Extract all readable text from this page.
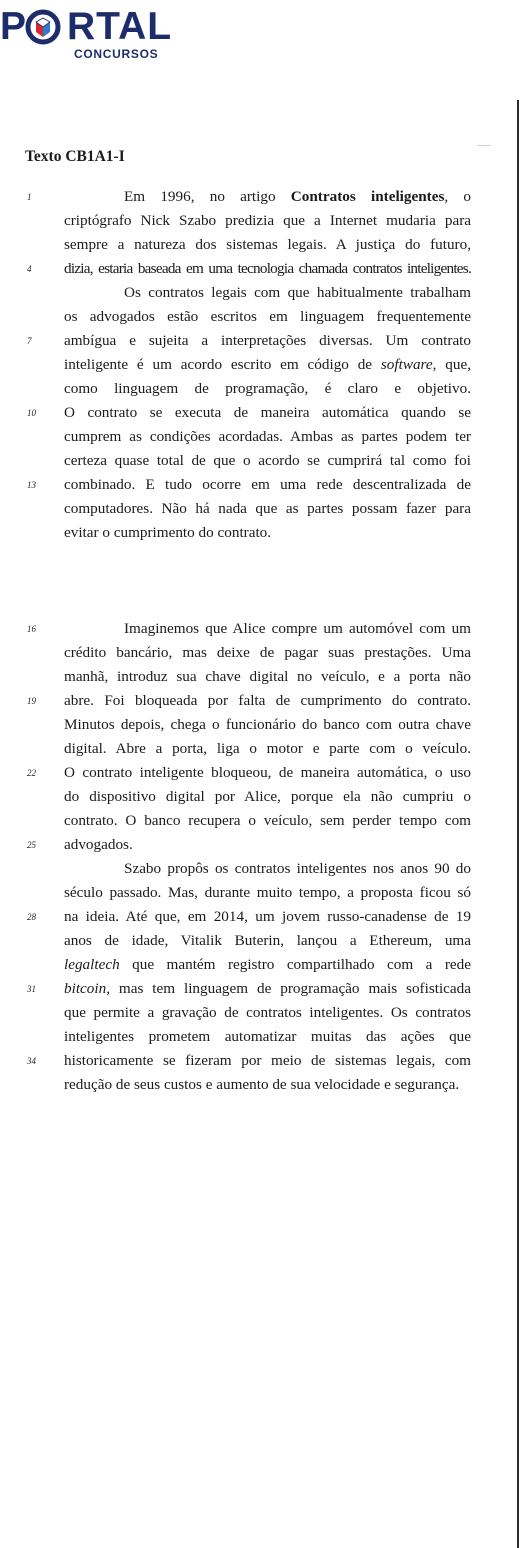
P RTAL
CONCURSOS
Texto CB1A1-I
Em 1996, no artigo Contratos inteligentes, o
criptógrafo Nick Szabo predizia que a Internet mudaria para
sempre a natureza dos sistemas legais. A justiça do futuro,
dizia, estaria baseada em uma tecnologia chamada contratos inteligentes.
Os contratos legais com que habitualmente trabalham
os advogados estão escritos em linguagem frequentemente
ambígua e sujeita a interpretações diversas. Um contrato
inteligente é um acordo escrito em código de software, que,
como linguagem de programação, é claro e objetivo.
O contrato se executa de maneira automática quando se
cumprem as condições acordadas. Ambas as partes podem ter
certeza quase total de que o acordo se cumprirá tal como foi
combinado. E tudo ocorre em uma rede descentralizada de
computadores. Não há nada que as partes possam fazer para
evitar o cumprimento do contrato.
Imaginemos que Alice compre um automóvel com um
crédito bancário, mas deixe de pagar suas prestações. Uma
manhã, introduz sua chave digital no veículo, e a porta não
abre. Foi bloqueada por falta de cumprimento do contrato.
Minutos depois, chega o funcionário do banco com outra chave
digital. Abre a porta, liga o motor e parte com o veículo.
O contrato inteligente bloqueou, de maneira automática, o uso
do dispositivo digital por Alice, porque ela não cumpriu o
contrato. O banco recupera o veículo, sem perder tempo com
advogados.
Szabo propôs os contratos inteligentes nos anos 90 do
século passado. Mas, durante muito tempo, a proposta ficou só
na ideia. Até que, em 2014, um jovem russo-canadense de 19
anos de idade, Vitalik Buterin, lançou a Ethereum, uma
legaltech que mantém registro compartilhado com a rede
bitcoin, mas tem linguagem de programação mais sofisticada
que permite a gravação de contratos inteligentes. Os contratos
inteligentes prometem automatizar muitas das ações que
historicamente se fizeram por meio de sistemas legais, com
redução de seus custos e aumento de sua velocidade e segurança.
1
4
7
10
13
16
19
22
25
28
31
34
